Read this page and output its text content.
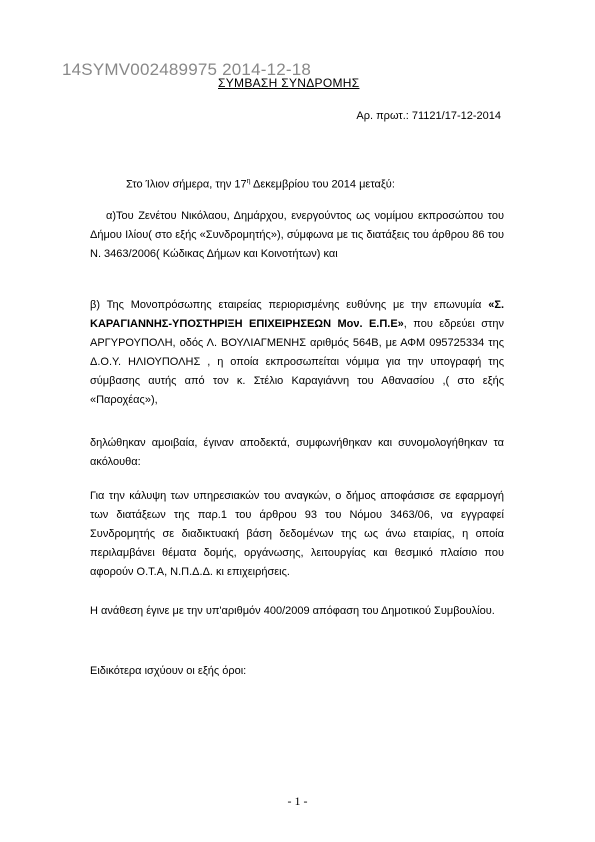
14SYMV002489975 2014-12-18
ΣΥΜΒΑΣΗ ΣΥΝΔΡΟΜΗΣ
Αρ. πρωτ.: 71121/17-12-2014
Στο Ίλιον σήμερα, την $17^\eta$ Δεκεμβρίου του 2014 μεταξύ:
α)Του Ζενέτου Νικόλαου, Δημάρχου, ενεργούντος ως νομίμου εκπροσώπου του Δήμου Ιλίου( στο εξής «Συνδρομητής»), σύμφωνα με τις διατάξεις του άρθρου 86 του Ν. 3463/2006( Κώδικας Δήμων και Κοινοτήτων) και
β) Της Μονοπρόσωπης εταιρείας περιορισμένης ευθύνης με την επωνυμία «Σ. ΚΑΡΑΓΙΑΝΝΗΣ-ΥΠΟΣΤΗΡΙΞΗ ΕΠΙΧΕΙΡΗΣΕΩΝ Μον. Ε.Π.Ε», που εδρεύει στην ΑΡΓΥΡΟΥΠΟΛΗ, οδός Λ. ΒΟΥΛΙΑΓΜΕΝΗΣ αριθμός 564Β, με ΑΦΜ 095725334 της Δ.Ο.Υ. ΗΛΙΟΥΠΟΛΗΣ , η οποία εκπροσωπείται νόμιμα για την υπογραφή της σύμβασης αυτής από τον κ. Στέλιο Καραγιάννη του Αθανασίου ,( στο εξής «Παροχέας»),
δηλώθηκαν αμοιβαία, έγιναν αποδεκτά, συμφωνήθηκαν και συνομολογήθηκαν τα ακόλουθα:
Για την κάλυψη των υπηρεσιακών του αναγκών, ο δήμος αποφάσισε σε εφαρμογή των διατάξεων της παρ.1 του άρθρου 93 του Νόμου 3463/06, να εγγραφεί Συνδρομητής σε διαδικτυακή βάση δεδομένων της ως άνω εταιρίας, η οποία περιλαμβάνει θέματα δομής, οργάνωσης, λειτουργίας και θεσμικό πλαίσιο που αφορούν Ο.Τ.Α, Ν.Π.Δ.Δ. κι επιχειρήσεις.
Η ανάθεση έγινε με την υπ'αριθμόν 400/2009 απόφαση του Δημοτικού Συμβουλίου.
Ειδικότερα ισχύουν οι εξής όροι:
- 1 -
